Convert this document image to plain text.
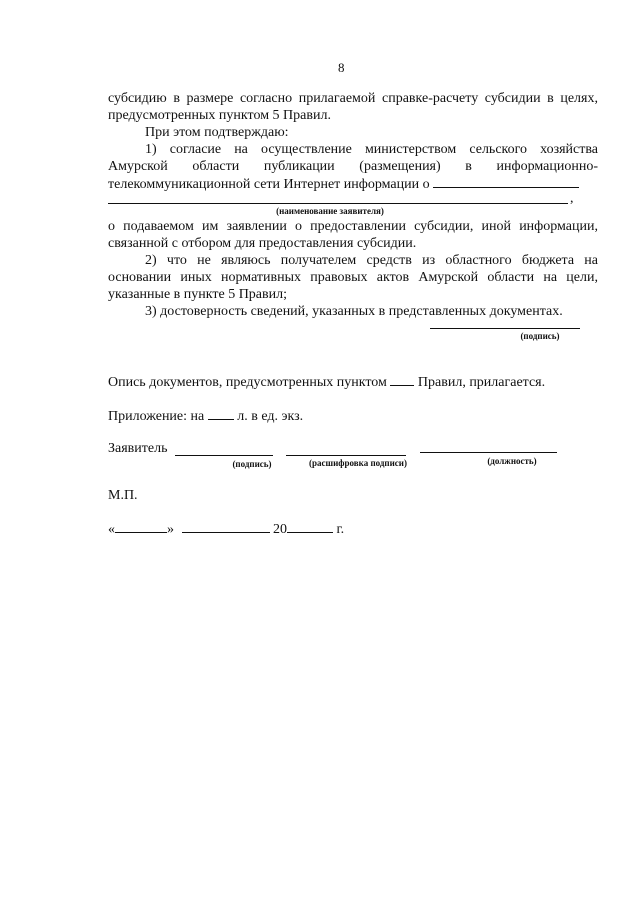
8
субсидию в размере согласно прилагаемой справке-расчету субсидии в целях,
предусмотренных пунктом 5 Правил.
При этом подтверждаю:
1) согласие на осуществление министерством сельского хозяйства
Амурской области публикации (размещения) в информационно-
телекоммуникационной сети Интернет информации о
,
(наименование заявителя)
о подаваемом им заявлении о предоставлении субсидии, иной информации,
связанной с отбором для предоставления субсидии.
2) что не являюсь получателем средств из областного бюджета на
основании иных нормативных правовых актов Амурской области на цели,
указанные в пункте 5 Правил;
3) достоверность сведений, указанных в представленных документах.
(подпись)
Опись документов, предусмотренных пунктом Правил, прилагается.
Приложение: на л. в ед. экз.
Заявитель
(подпись)	(расшифровка подписи)	(должность)
М.П.
«	»	20	г.
